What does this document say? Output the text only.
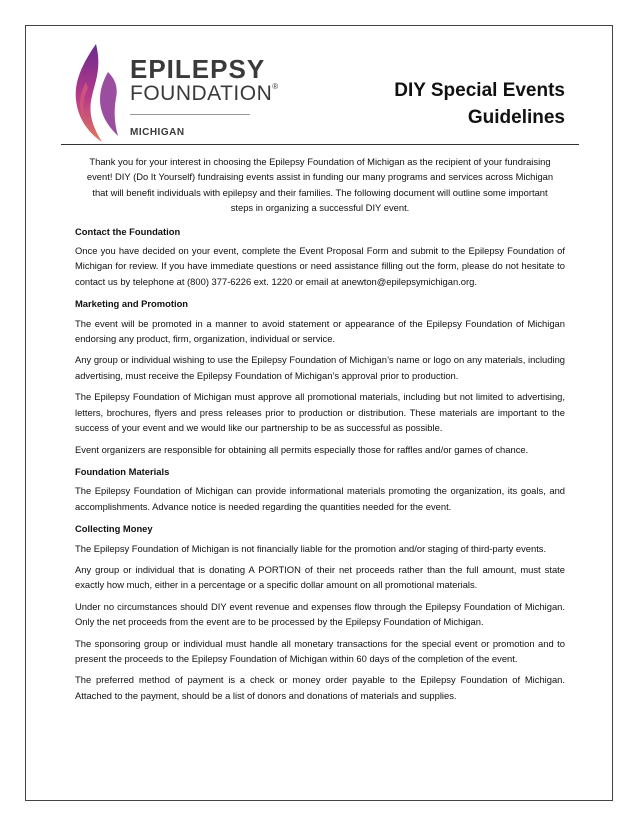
EPILEPSY
FOUNDATION®
MICHIGAN
DIY Special Events
Guidelines

Thank you for your interest in choosing the Epilepsy Foundation of Michigan as the recipient of your fundraising event! DIY (Do It Yourself) fundraising events assist in funding our many programs and services across Michigan that will benefit individuals with epilepsy and their families. The following document will outline some important steps in organizing a successful DIY event.

Contact the Foundation

Once you have decided on your event, complete the Event Proposal Form and submit to the Epilepsy Foundation of Michigan for review. If you have immediate questions or need assistance filling out the form, please do not hesitate to contact us by telephone at (800) 377-6226 ext. 1220 or email at anewton@epilepsymichigan.org.

Marketing and Promotion

The event will be promoted in a manner to avoid statement or appearance of the Epilepsy Foundation of Michigan endorsing any product, firm, organization, individual or service.

Any group or individual wishing to use the Epilepsy Foundation of Michigan’s name or logo on any materials, including advertising, must receive the Epilepsy Foundation of Michigan’s approval prior to production.

The Epilepsy Foundation of Michigan must approve all promotional materials, including but not limited to advertising, letters, brochures, flyers and press releases prior to production or distribution. These materials are important to the success of your event and we would like our partnership to be as successful as possible.

Event organizers are responsible for obtaining all permits especially those for raffles and/or games of chance.

Foundation Materials

The Epilepsy Foundation of Michigan can provide informational materials promoting the organization, its goals, and accomplishments. Advance notice is needed regarding the quantities needed for the event.

Collecting Money

The Epilepsy Foundation of Michigan is not financially liable for the promotion and/or staging of third-party events.

Any group or individual that is donating A PORTION of their net proceeds rather than the full amount, must state exactly how much, either in a percentage or a specific dollar amount on all promotional materials.

Under no circumstances should DIY event revenue and expenses flow through the Epilepsy Foundation of Michigan. Only the net proceeds from the event are to be processed by the Epilepsy Foundation of Michigan.

The sponsoring group or individual must handle all monetary transactions for the special event or promotion and to present the proceeds to the Epilepsy Foundation of Michigan within 60 days of the completion of the event.

The preferred method of payment is a check or money order payable to the Epilepsy Foundation of Michigan. Attached to the payment, should be a list of donors and donations of materials and supplies.
